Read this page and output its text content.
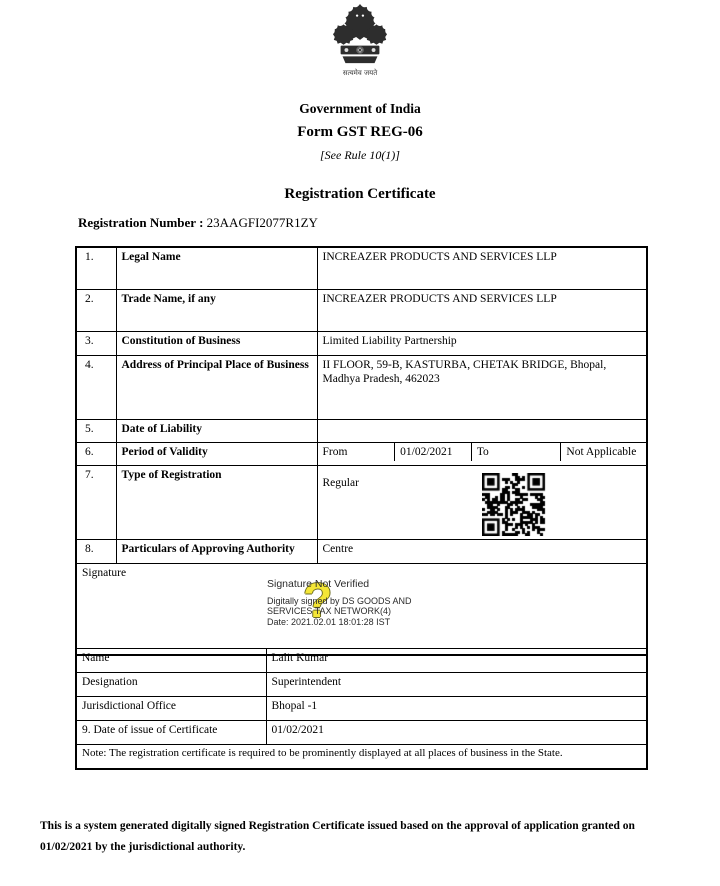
सत्यमेव जयते
Government of India
Form GST REG-06
[See Rule 10(1)]
Registration Certificate
Registration Number : 23AAGFI2077R1ZY
1.	Legal Name	INCREAZER PRODUCTS AND SERVICES LLP
2.	Trade Name, if any	INCREAZER PRODUCTS AND SERVICES LLP
3.	Constitution of Business	Limited Liability Partnership
4.	Address of Principal Place of Business	II FLOOR, 59-B, KASTURBA, CHETAK BRIDGE, Bhopal, Madhya Pradesh, 462023

5.	Date of Liability	
6.	Period of Validity	From 01/02/2021 To Not Applicable

7.	Type of Registration	Regular

8.	Particulars of Approving Authority	Centre

Signature
?
Signature Not Verified
Digitally signed by DS GOODS AND
SERVICES TAX NETWORK(4)
Date: 2021.02.01 18:01:28 IST
Name	Lalit Kumar
Designation	Superintendent
Jurisdictional Office	Bhopal -1
9. Date of issue of Certificate	01/02/2021
Note: The registration certificate is required to be prominently displayed at all places of business in the State.	
This is a system generated digitally signed Registration Certificate issued based on the approval of application granted on 01/02/2021 by the jurisdictional authority.
